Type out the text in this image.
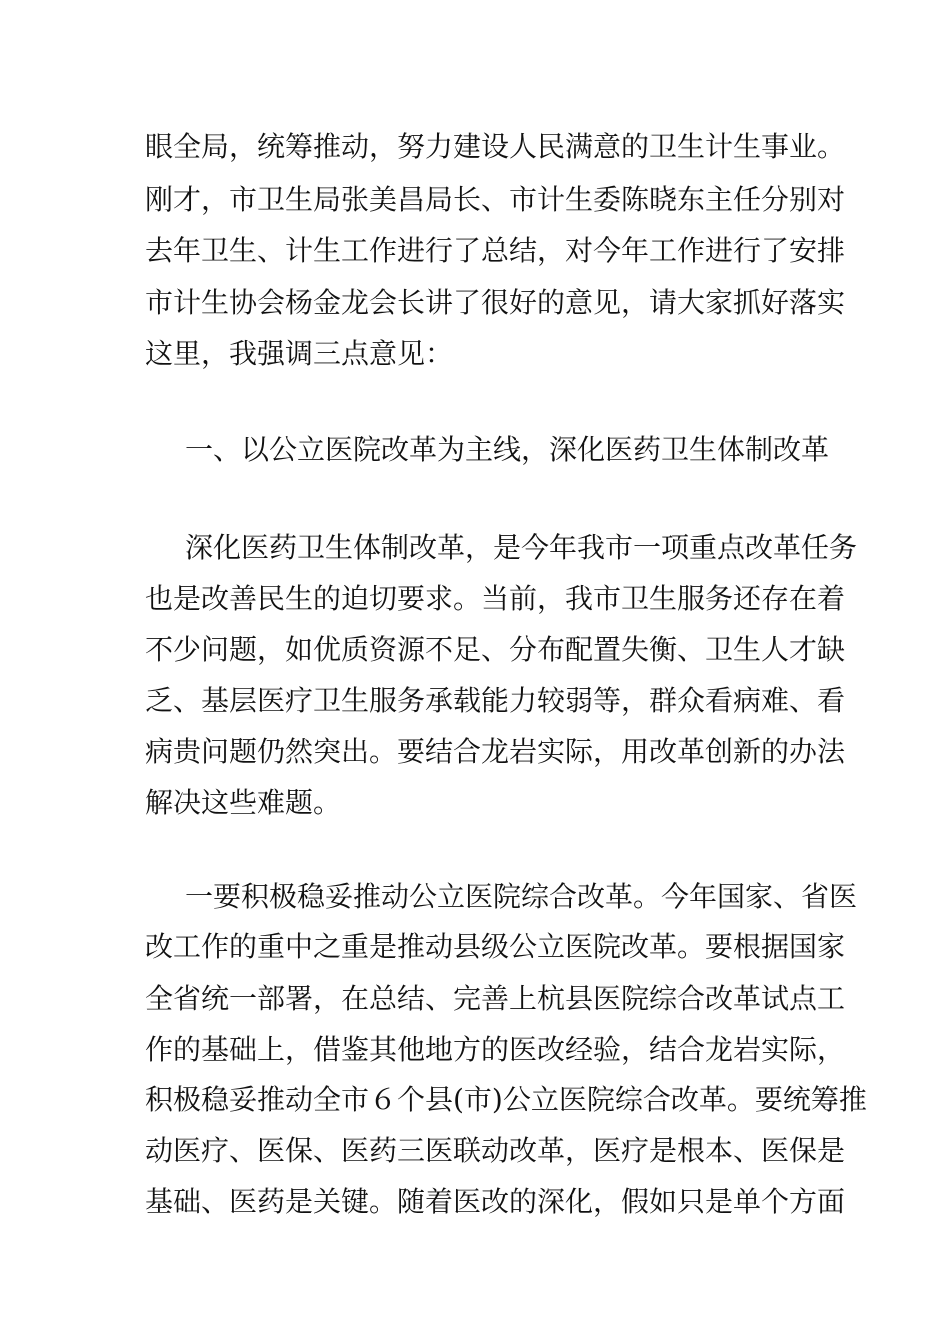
眼全局，统筹推动，努力建设人民满意的卫生计生事业。
刚才，市卫生局张美昌局长、市计生委陈晓东主任分别对
去年卫生、计生工作进行了总结，对今年工作进行了安排
市计生协会杨金龙会长讲了很好的意见，请大家抓好落实
这里，我强调三点意见：
一、以公立医院改革为主线，深化医药卫生体制改革
深化医药卫生体制改革，是今年我市一项重点改革任务
也是改善民生的迫切要求。当前，我市卫生服务还存在着
不少问题，如优质资源不足、分布配置失衡、卫生人才缺
乏、基层医疗卫生服务承载能力较弱等，群众看病难、看
病贵问题仍然突出。要结合龙岩实际，用改革创新的办法
解决这些难题。
一要积极稳妥推动公立医院综合改革。今年国家、省医
改工作的重中之重是推动县级公立医院改革。要根据国家
全省统一部署，在总结、完善上杭县医院综合改革试点工
作的基础上，借鉴其他地方的医改经验，结合龙岩实际，
积极稳妥推动全市６个县(市)公立医院综合改革。要统筹推
动医疗、医保、医药三医联动改革，医疗是根本、医保是
基础、医药是关键。随着医改的深化，假如只是单个方面
